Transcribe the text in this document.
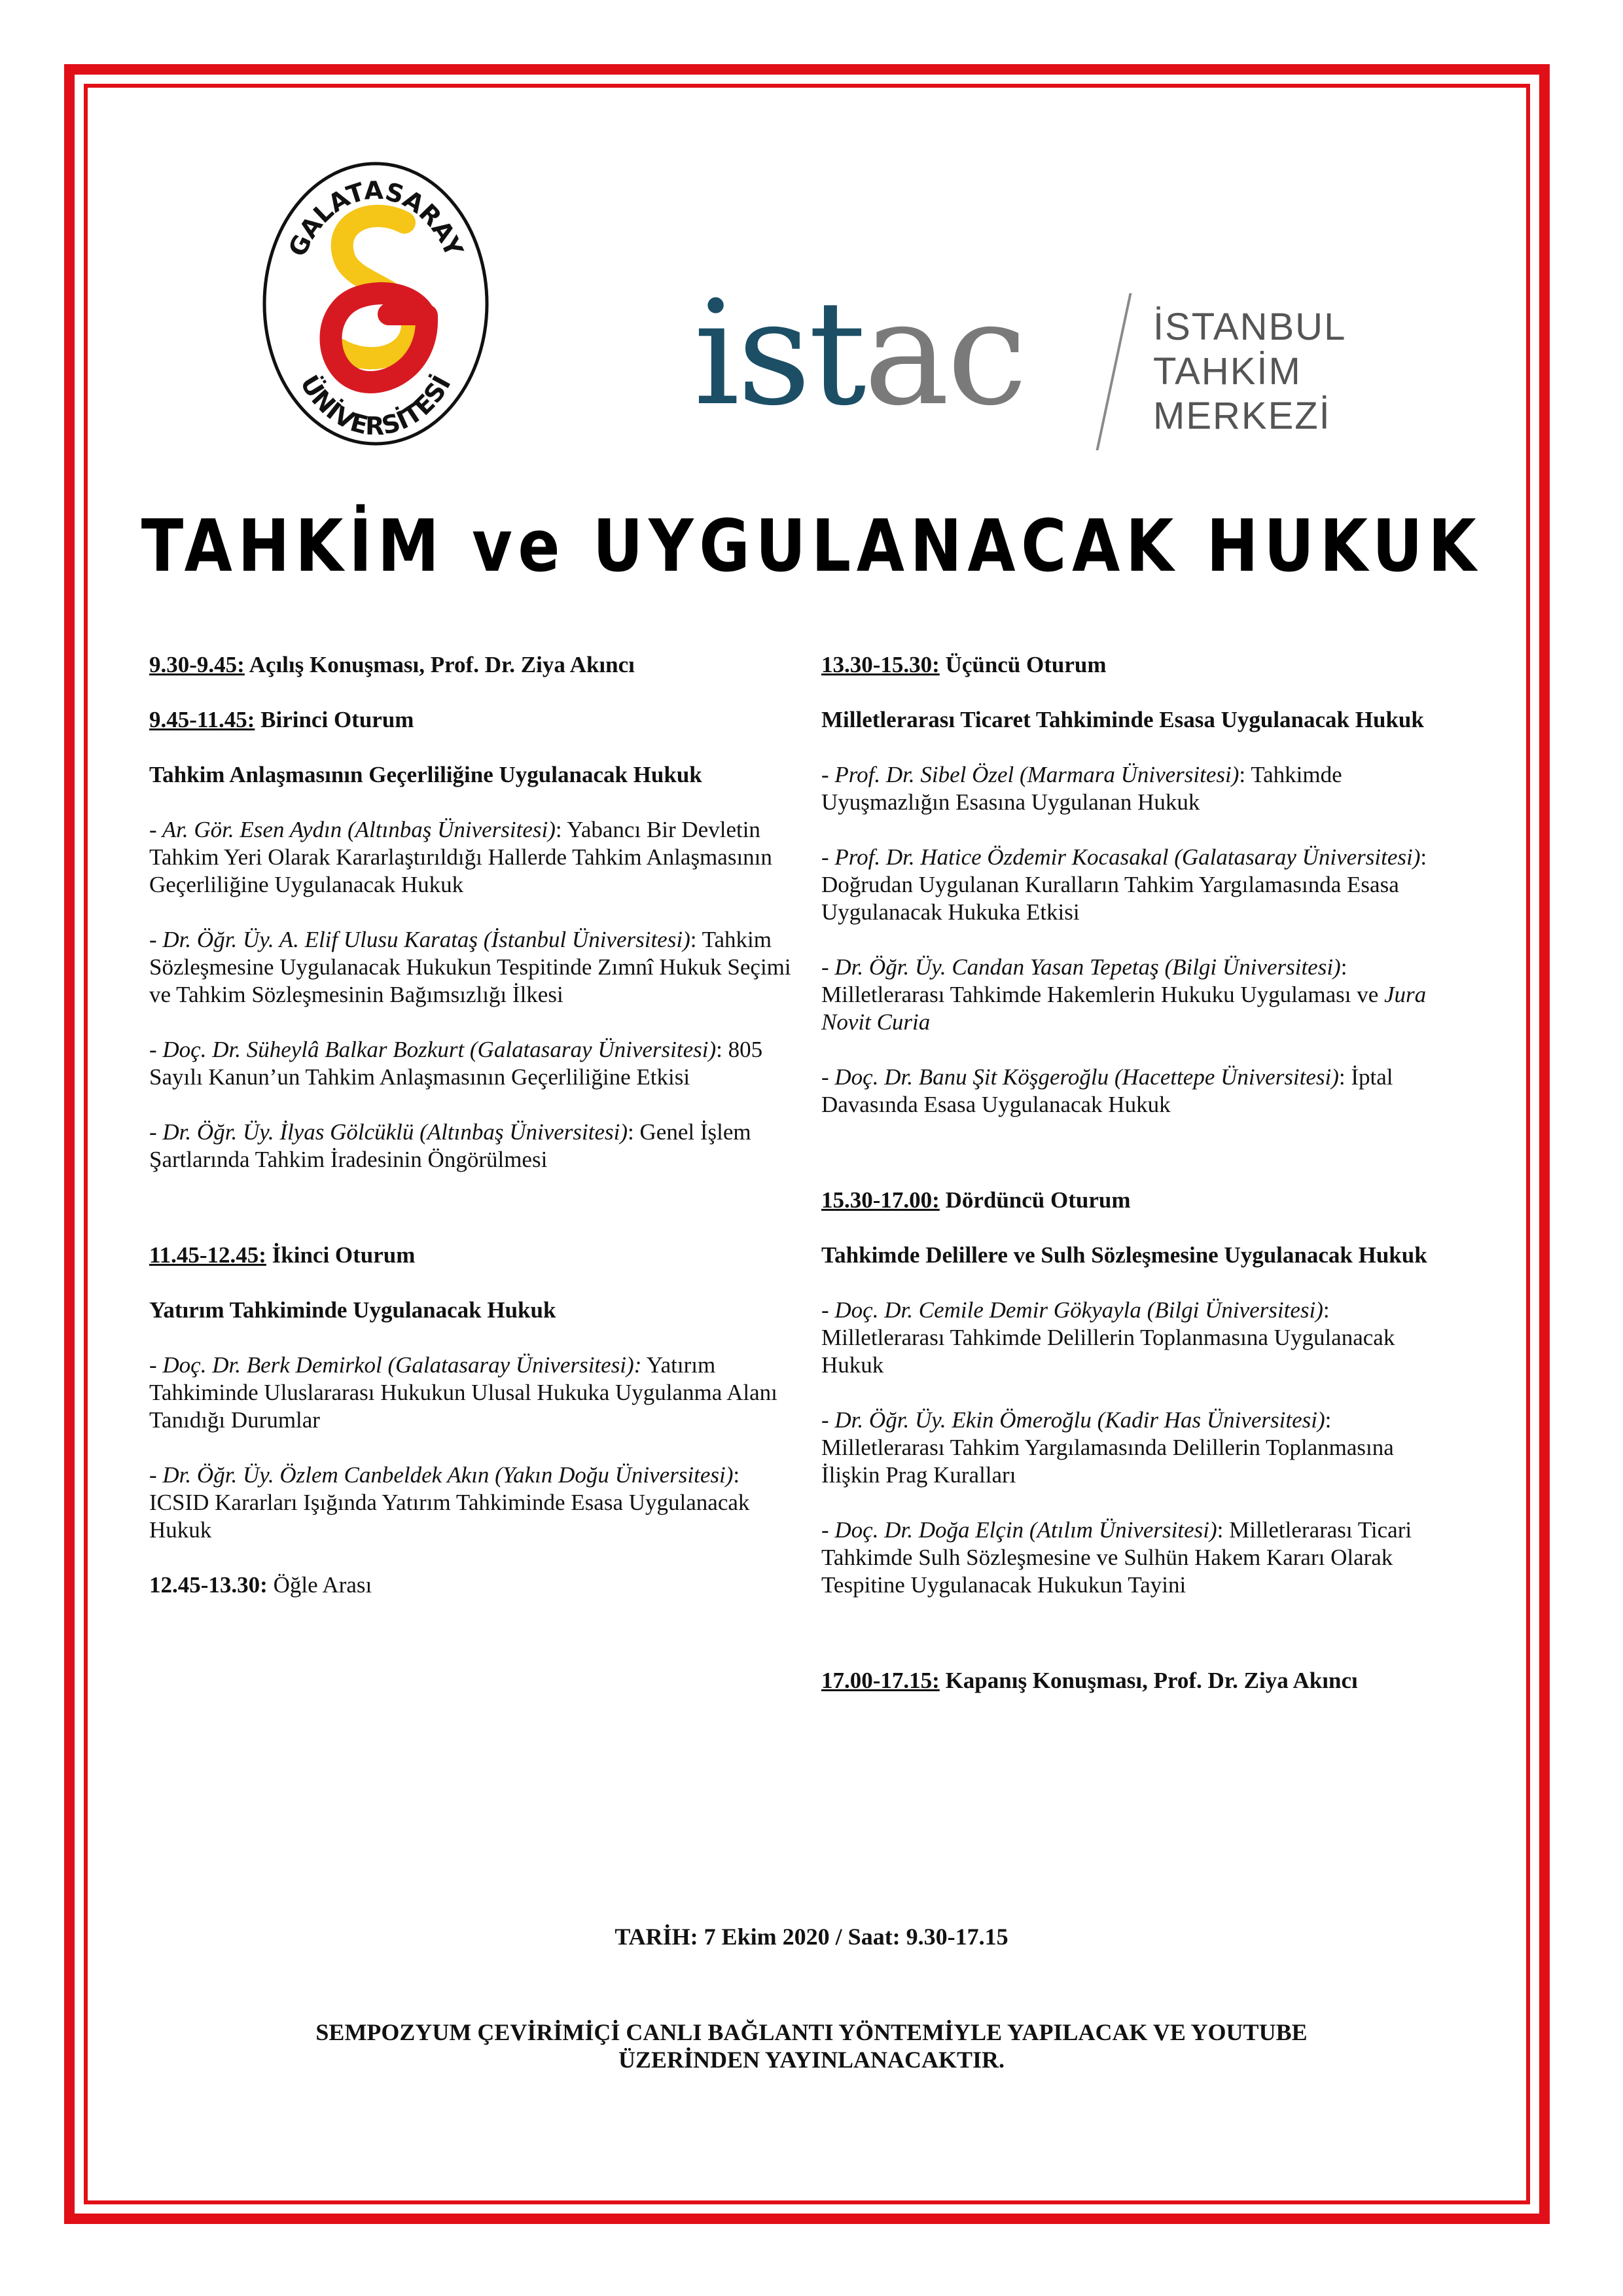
GALATASARAY
ÜNİVERSİTESİ istac	İSTANBUL
TAHKİM
MERKEZİ
TAHKİM ve UYGULANACAK HUKUK
9.30-9.45: Açılış Konuşması, Prof. Dr. Ziya Akıncı
9.45-11.45: Birinci Oturum
Tahkim Anlaşmasının Geçerliliğine Uygulanacak Hukuk
- Ar. Gör. Esen Aydın (Altınbaş Üniversitesi): Yabancı Bir Devletin Tahkim Yeri Olarak Kararlaştırıldığı Hallerde Tahkim Anlaşmasının Geçerliliğine Uygulanacak Hukuk
- Dr. Öğr. Üy. A. Elif Ulusu Karataş (İstanbul Üniversitesi): Tahkim Sözleşmesine Uygulanacak Hukukun Tespitinde Zımnî Hukuk Seçimi ve Tahkim Sözleşmesinin Bağımsızlığı İlkesi
- Doç. Dr. Süheylâ Balkar Bozkurt (Galatasaray Üniversitesi): 805 Sayılı Kanun’un Tahkim Anlaşmasının Geçerliliğine Etkisi
- Dr. Öğr. Üy. İlyas Gölcüklü (Altınbaş Üniversitesi): Genel İşlem Şartlarında Tahkim İradesinin Öngörülmesi
11.45-12.45: İkinci Oturum
Yatırım Tahkiminde Uygulanacak Hukuk
- Doç. Dr. Berk Demirkol (Galatasaray Üniversitesi): Yatırım Tahkiminde Uluslararası Hukukun Ulusal Hukuka Uygulanma Alanı Tanıdığı Durumlar
- Dr. Öğr. Üy. Özlem Canbeldek Akın (Yakın Doğu Üniversitesi): ICSID Kararları Işığında Yatırım Tahkiminde Esasa Uygulanacak Hukuk
12.45-13.30: Öğle Arası
13.30-15.30: Üçüncü Oturum
Milletlerarası Ticaret Tahkiminde Esasa Uygulanacak Hukuk
- Prof. Dr. Sibel Özel (Marmara Üniversitesi): Tahkimde Uyuşmazlığın Esasına Uygulanan Hukuk
- Prof. Dr. Hatice Özdemir Kocasakal (Galatasaray Üniversitesi): Doğrudan Uygulanan Kuralların Tahkim Yargılamasında Esasa Uygulanacak Hukuka Etkisi
- Dr. Öğr. Üy. Candan Yasan Tepetaş (Bilgi Üniversitesi): Milletlerarası Tahkimde Hakemlerin Hukuku Uygulaması ve Jura Novit Curia
- Doç. Dr. Banu Şit Köşgeroğlu (Hacettepe Üniversitesi): İptal Davasında Esasa Uygulanacak Hukuk
15.30-17.00: Dördüncü Oturum
Tahkimde Delillere ve Sulh Sözleşmesine Uygulanacak Hukuk
- Doç. Dr. Cemile Demir Gökyayla (Bilgi Üniversitesi): Milletlerarası Tahkimde Delillerin Toplanmasına Uygulanacak Hukuk
- Dr. Öğr. Üy. Ekin Ömeroğlu (Kadir Has Üniversitesi): Milletlerarası Tahkim Yargılamasında Delillerin Toplanmasına İlişkin Prag Kuralları
- Doç. Dr. Doğa Elçin (Atılım Üniversitesi): Milletlerarası Ticari Tahkimde Sulh Sözleşmesine ve Sulhün Hakem Kararı Olarak Tespitine Uygulanacak Hukukun Tayini
17.00-17.15: Kapanış Konuşması, Prof. Dr. Ziya Akıncı
TARİH: 7 Ekim 2020 / Saat: 9.30-17.15
SEMPOZYUM ÇEVİRİMİÇİ CANLI BAĞLANTI YÖNTEMİYLE YAPILACAK VE YOUTUBE
ÜZERİNDEN YAYINLANACAKTIR.
